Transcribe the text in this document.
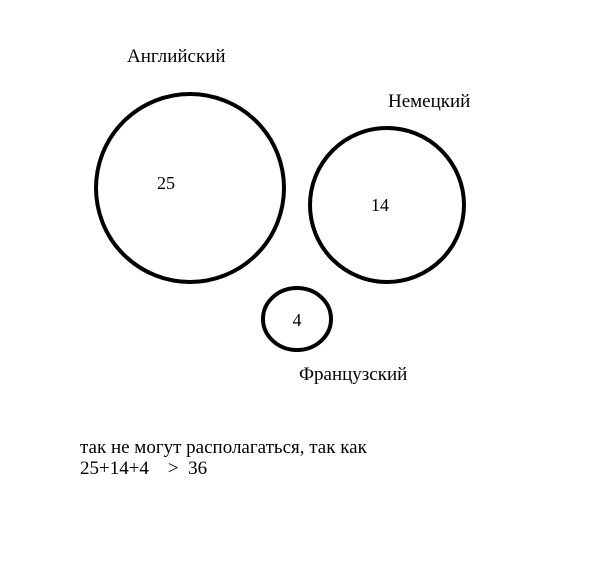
Английский
25
Немецкий
14
Французский
4
так не могут располагаться, так как
25+14+4    >  36
